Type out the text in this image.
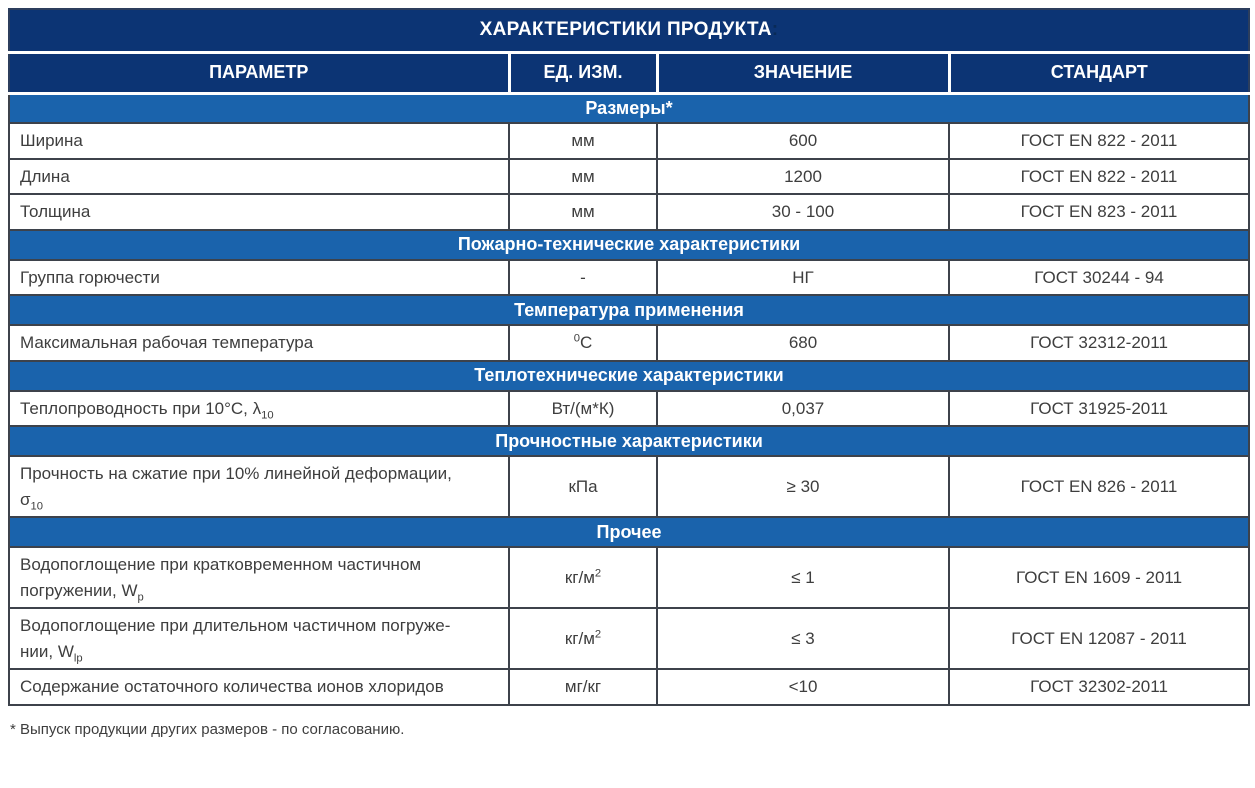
ХАРАКТЕРИСТИКИ ПРОДУКТА:			
ПАРАМЕТР	ЕД. ИЗМ.	ЗНАЧЕНИЕ	СТАНДАРТ
Размеры*			
Ширина	мм	600	ГОСТ EN 822 - 2011
Длина	мм	1200	ГОСТ EN 822 - 2011
Толщина	мм	30 - 100	ГОСТ EN 823 - 2011
Пожарно-технические характеристики			
Группа горючести	-	НГ	ГОСТ 30244 - 94
Температура применения			
Максимальная рабочая температура	$^0$C	680	ГОСТ 32312-2011
Теплотехнические характеристики			
Теплопроводность при 10°C, $\lambda_{10}$	Вт/(м*К)	0,037	ГОСТ 31925-2011
Прочностные характеристики			
Прочность на сжатие при 10% линейной деформации,
$\sigma_{10}$	кПа	≥ 30	ГОСТ EN 826 - 2011
Прочее			
Водопоглощение при кратковременном частичном
погружении, $W_p$	$кг/м^2$	≤ 1	ГОСТ EN 1609 - 2011
Водопоглощение при длительном частичном погруже-
нии, $W_{lp}$	$кг/м^2$	≤ 3	ГОСТ EN 12087 - 2011
Содержание остаточного количества ионов хлоридов	мг/кг	<10	ГОСТ 32302-2011
* Выпуск продукции других размеров - по согласованию.
